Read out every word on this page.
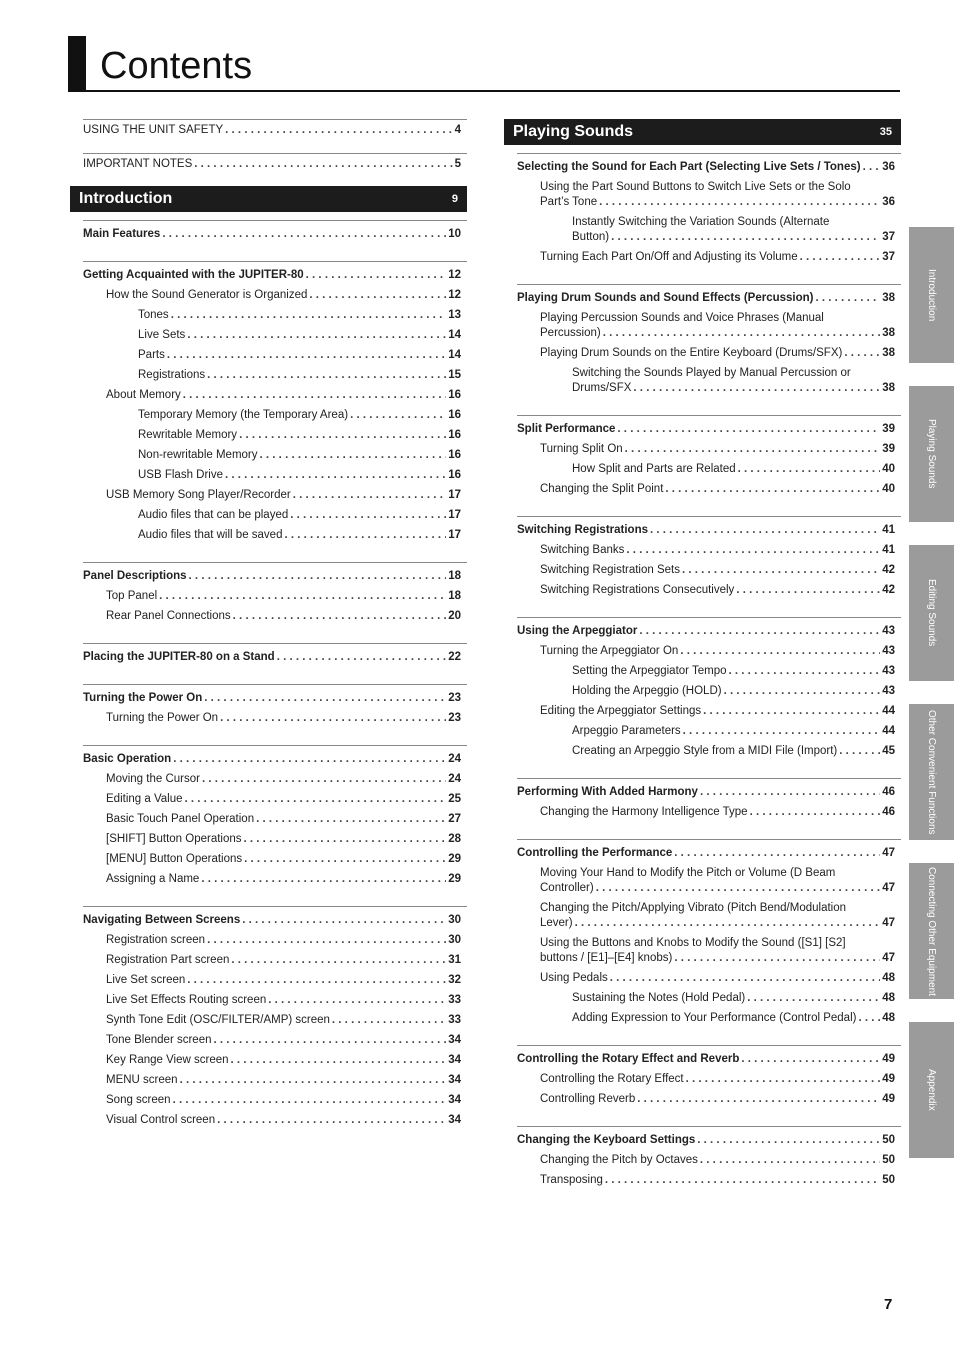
Contents
USING THE UNIT SAFETY . . .	4
IMPORTANT NOTES . . .	5
Introduction	9
Main Features . . .	10
Getting Acquainted with the JUPITER-80 . . .	12
How the Sound Generator is Organized . . .	12
Tones . . .	13
Live Sets . . .	14
Parts . . .	14
Registrations . . .	15
About Memory . . .	16
Temporary Memory (the Temporary Area) . . .	16
Rewritable Memory . . .	16
Non-rewritable Memory . . .	16
USB Flash Drive . . .	16
USB Memory Song Player/Recorder . . .	17
Audio files that can be played . . .	17
Audio files that will be saved . . .	17
Panel Descriptions . . .	18
Top Panel . . .	18
Rear Panel Connections . . .	20
Placing the JUPITER-80 on a Stand . . .	22
Turning the Power On . . .	23
Turning the Power On . . .	23
Basic Operation . . .	24
Moving the Cursor . . .	24
Editing a Value . . .	25
Basic Touch Panel Operation . . .	27
[SHIFT] Button Operations . . .	28
[MENU] Button Operations . . .	29
Assigning a Name . . .	29
Navigating Between Screens . . .	30
Registration screen . . .	30
Registration Part screen . . .	31
Live Set screen . . .	32
Live Set Effects Routing screen . . .	33
Synth Tone Edit (OSC/FILTER/AMP) screen . . .	33
Tone Blender screen . . .	34
Key Range View screen . . .	34
MENU screen . . .	34
Song screen . . .	34
Visual Control screen . . .	34
Playing Sounds	35
Selecting the Sound for Each Part (Selecting Live Sets / Tones) . . . 36
Using the Part Sound Buttons to Switch Live Sets or the Solo
Part’s Tone . . .	36
Instantly Switching the Variation Sounds (Alternate
Button) . . .	37
Turning Each Part On/Off and Adjusting its Volume . . .	37
Playing Drum Sounds and Sound Effects (Percussion) . . .	38
Playing Percussion Sounds and Voice Phrases (Manual
Percussion) . . .	38
Playing Drum Sounds on the Entire Keyboard (Drums/SFX) . . .	38
Switching the Sounds Played by Manual Percussion or
Drums/SFX . . .	38
Split Performance . . .	39
Turning Split On . . .	39
How Split and Parts are Related . . .	40
Changing the Split Point . . .	40
Switching Registrations . . .	41
Switching Banks . . .	41
Switching Registration Sets . . .	42
Switching Registrations Consecutively . . .	42
Using the Arpeggiator . . .	43
Turning the Arpeggiator On . . .	43
Setting the Arpeggiator Tempo . . .	43
Holding the Arpeggio (HOLD) . . .	43
Editing the Arpeggiator Settings . . .	44
Arpeggio Parameters . . .	44
Creating an Arpeggio Style from a MIDI File (Import) . . .	45
Performing With Added Harmony . . .	46
Changing the Harmony Intelligence Type . . .	46
Controlling the Performance . . .	47
Moving Your Hand to Modify the Pitch or Volume (D Beam
Controller) . . .	47
Changing the Pitch/Applying Vibrato (Pitch Bend/Modulation
Lever) . . .	47
Using the Buttons and Knobs to Modify the Sound ([S1] [S2]
buttons / [E1]–[E4] knobs) . . .	47
Using Pedals . . .	48
Sustaining the Notes (Hold Pedal) . . .	48
Adding Expression to Your Performance (Control Pedal) . . . 48
Controlling the Rotary Effect and Reverb . . .	49
Controlling the Rotary Effect . . .	49
Controlling Reverb . . .	49
Changing the Keyboard Settings . . .	50
Changing the Pitch by Octaves . . .	50
Transposing . . .	50
Introduction
Playing Sounds
Editing Sounds
Other Convenient Functions
Connecting Other Equipment
Appendix
7
